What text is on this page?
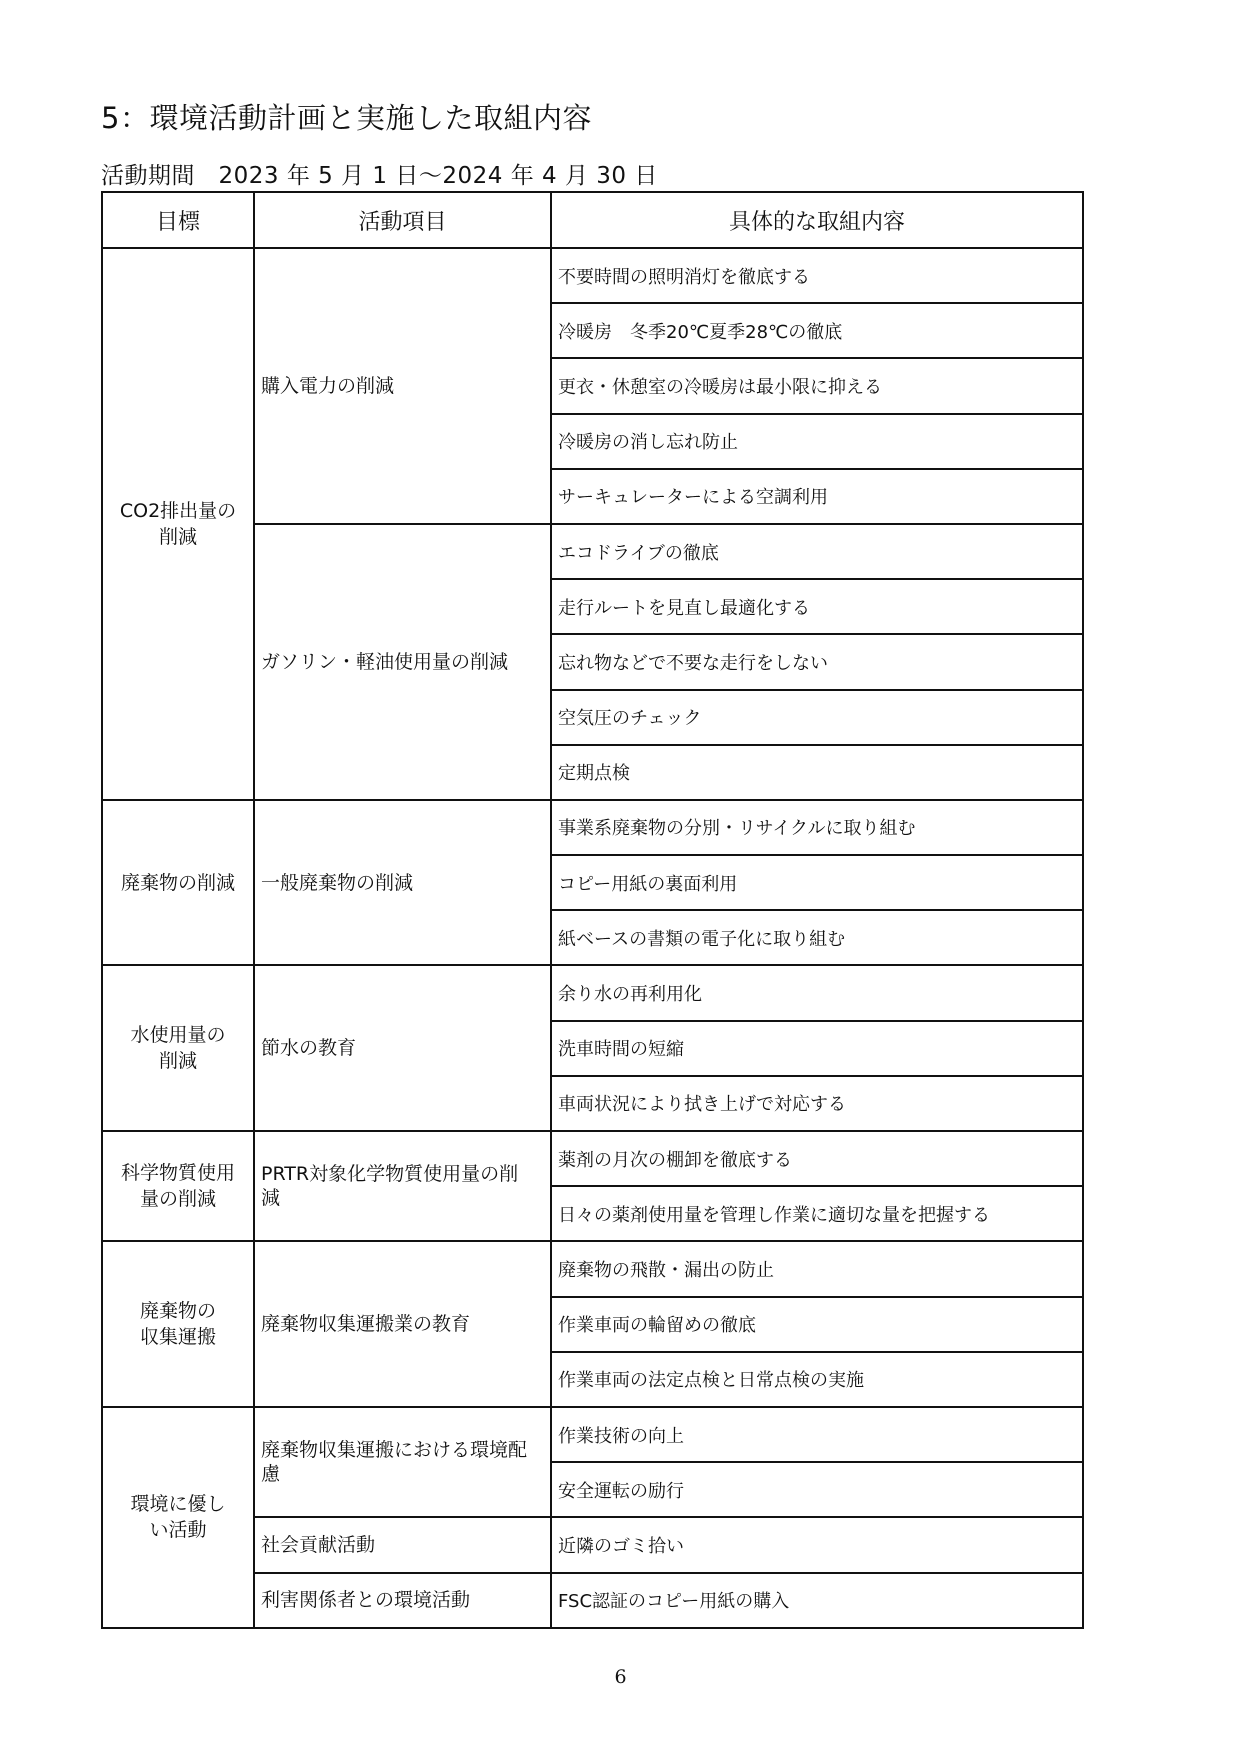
5：環境活動計画と実施した取組内容
活動期間　2023 年 5 月 1 日～2024 年 4 月 30 日
目標	活動項目	具体的な取組内容
CO2排出量の削減	購入電力の削減	不要時間の照明消灯を徹底する
		冷暖房　冬季20℃夏季28℃の徹底
		更衣・休憩室の冷暖房は最小限に抑える
		冷暖房の消し忘れ防止
		サーキュレーターによる空調利用
	ガソリン・軽油使用量の削減	エコドライブの徹底
		走行ルートを見直し最適化する
		忘れ物などで不要な走行をしない
		空気圧のチェック
		定期点検
廃棄物の削減	一般廃棄物の削減	事業系廃棄物の分別・リサイクルに取り組む
		コピー用紙の裏面利用
		紙ベースの書類の電子化に取り組む
水使用量の削減	節水の教育	余り水の再利用化
		洗車時間の短縮
		車両状況により拭き上げで対応する
科学物質使用量の削減	PRTR対象化学物質使用量の削減	薬剤の月次の棚卸を徹底する
		日々の薬剤使用量を管理し作業に適切な量を把握する
廃棄物の収集運搬	廃棄物収集運搬業の教育	廃棄物の飛散・漏出の防止
		作業車両の輪留めの徹底
		作業車両の法定点検と日常点検の実施
環境に優しい活動	廃棄物収集運搬における環境配慮	作業技術の向上
		安全運転の励行
	社会貢献活動	近隣のゴミ拾い
	利害関係者との環境活動	FSC認証のコピー用紙の購入
6
